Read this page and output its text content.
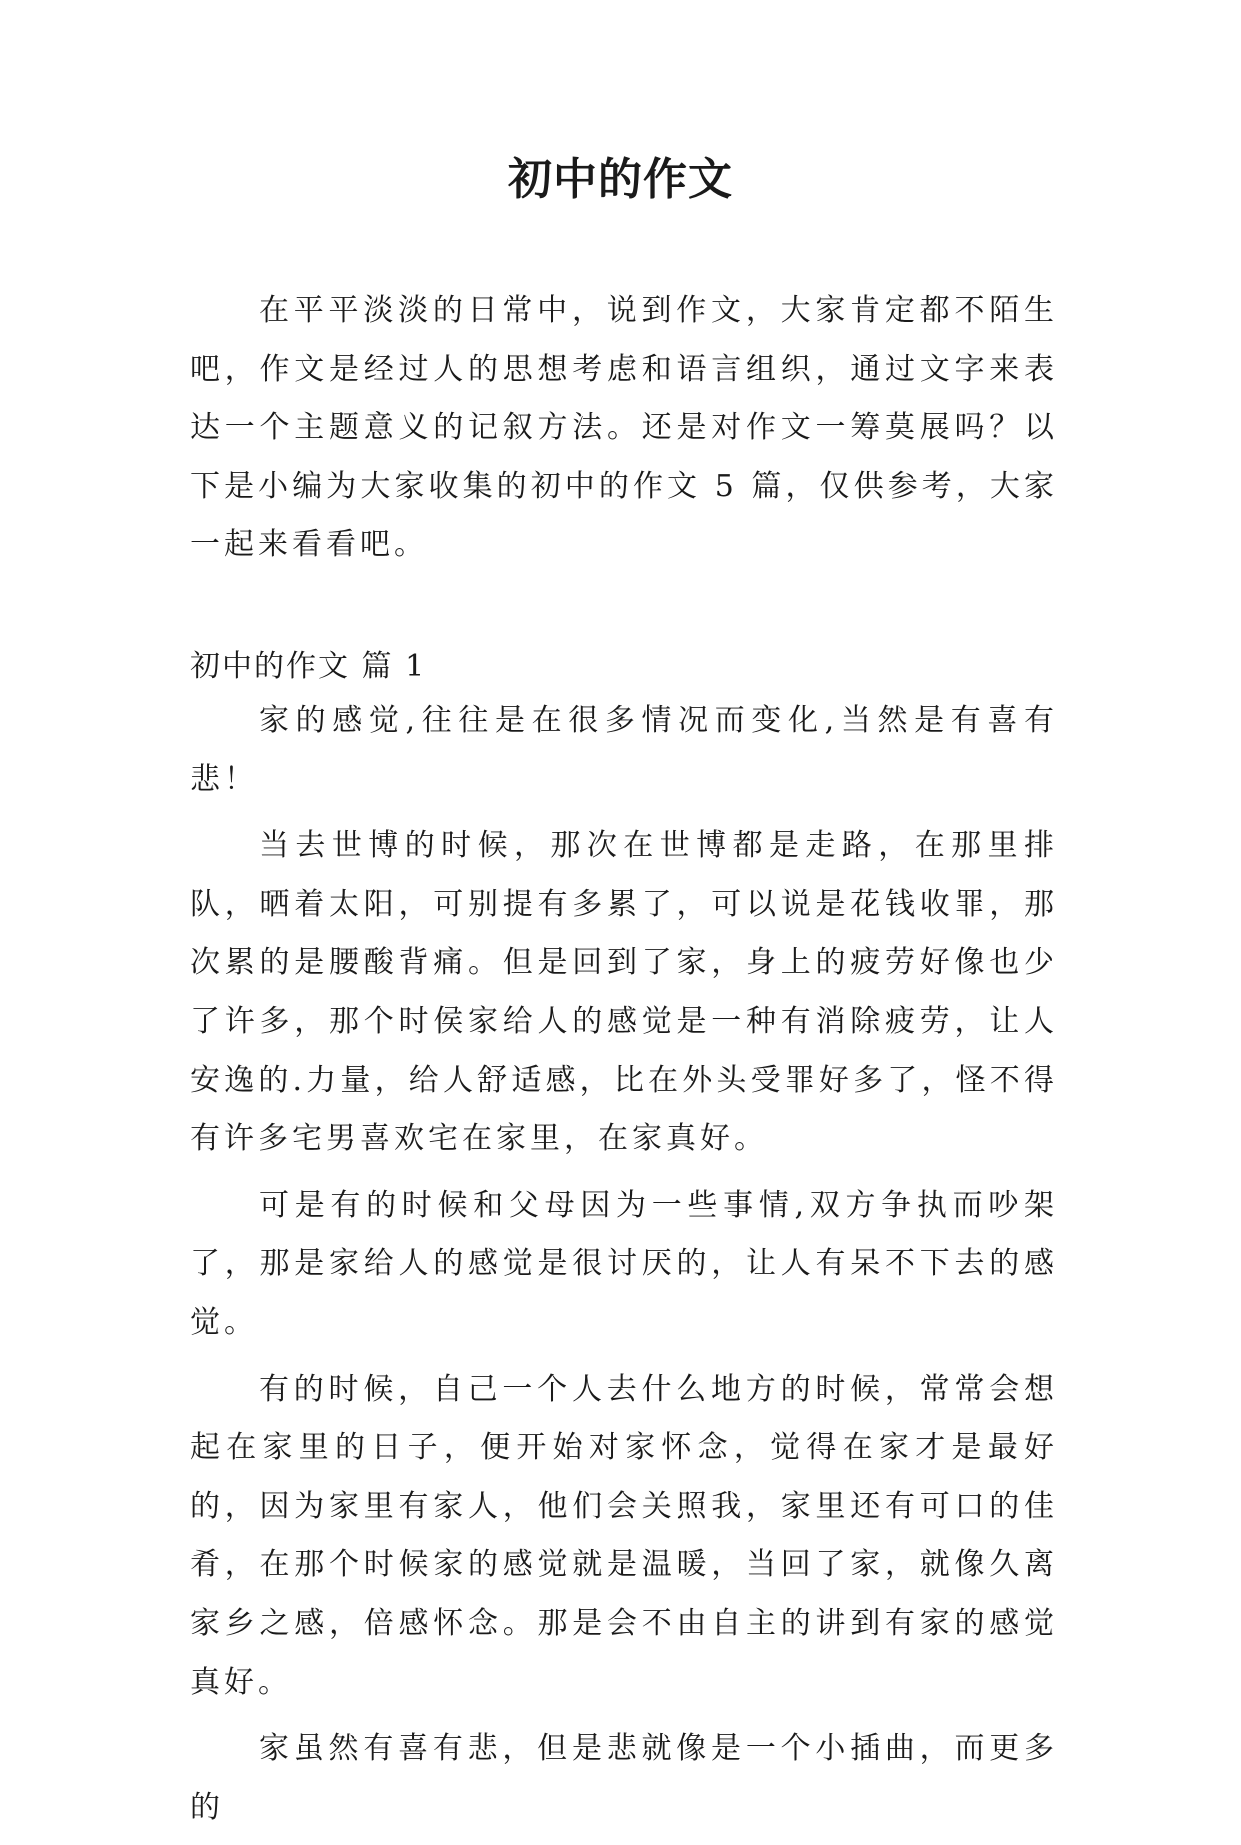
初中的作文

在平平淡淡的日常中，说到作文，大家肯定都不陌生吧，作文是经过人的思想考虑和语言组织，通过文字来表达一个主题意义的记叙方法。还是对作文一筹莫展吗？以下是小编为大家收集的初中的作文 5 篇，仅供参考，大家一起来看看吧。

初中的作文 篇 1

家的感觉,往往是在很多情况而变化,当然是有喜有悲！

当去世博的时候，那次在世博都是走路，在那里排队，晒着太阳，可别提有多累了，可以说是花钱收罪，那次累的是腰酸背痛。但是回到了家，身上的疲劳好像也少了许多，那个时侯家给人的感觉是一种有消除疲劳，让人安逸的.力量，给人舒适感，比在外头受罪好多了，怪不得有许多宅男喜欢宅在家里，在家真好。

可是有的时候和父母因为一些事情,双方争执而吵架了，那是家给人的感觉是很讨厌的，让人有呆不下去的感觉。

有的时候，自己一个人去什么地方的时候，常常会想起在家里的日子，便开始对家怀念，觉得在家才是最好的，因为家里有家人，他们会关照我，家里还有可口的佳肴，在那个时候家的感觉就是温暖，当回了家，就像久离家乡之感，倍感怀念。那是会不由自主的讲到有家的感觉真好。

家虽然有喜有悲，但是悲就像是一个小插曲，而更多的
